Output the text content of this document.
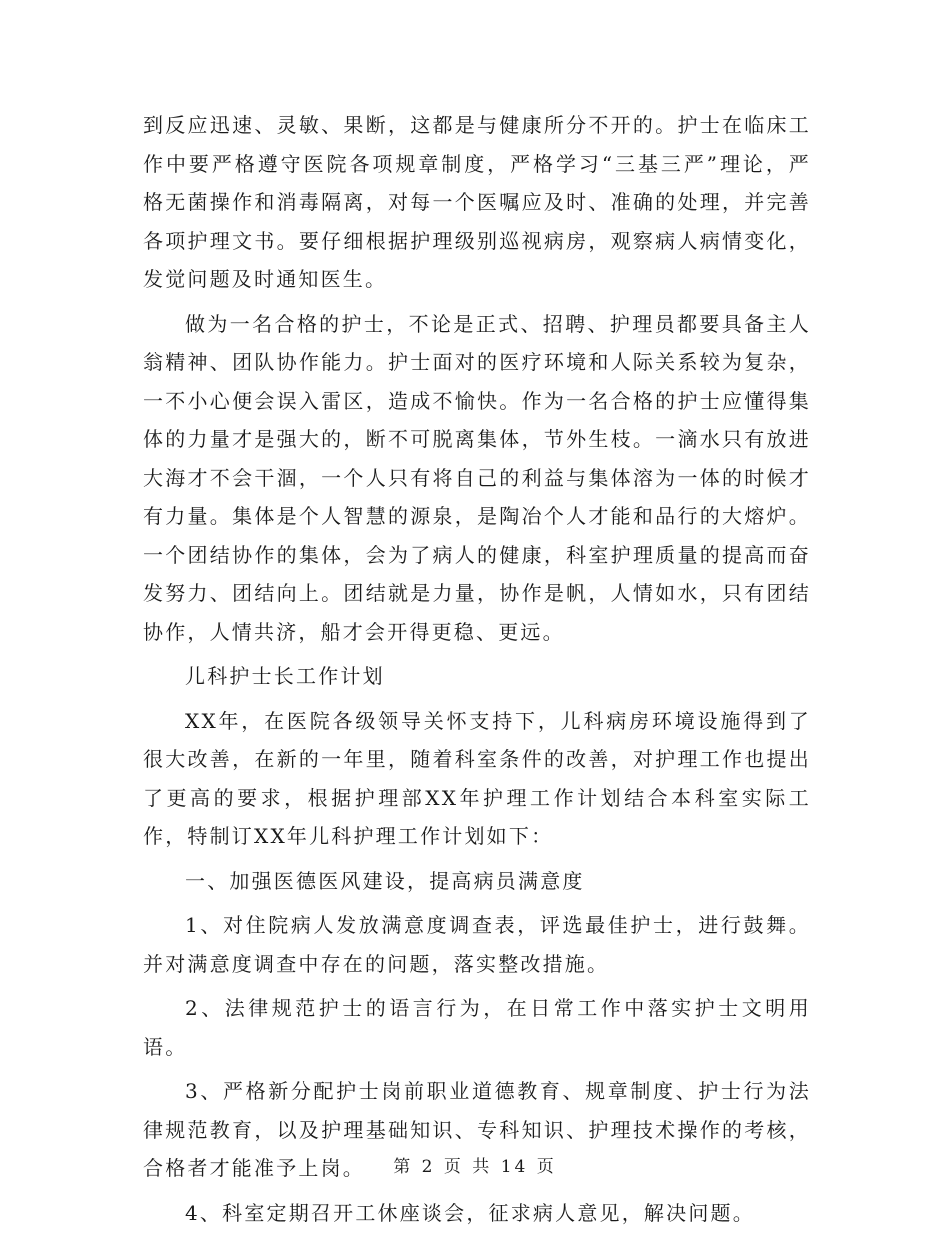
到反应迅速、灵敏、果断，这都是与健康所分不开的。护士在临床工作中要严格遵守医院各项规章制度，严格学习“三基三严”理论，严格无菌操作和消毒隔离，对每一个医嘱应及时、准确的处理，并完善各项护理文书。要仔细根据护理级别巡视病房，观察病人病情变化，发觉问题及时通知医生。

做为一名合格的护士，不论是正式、招聘、护理员都要具备主人翁精神、团队协作能力。护士面对的医疗环境和人际关系较为复杂，一不小心便会误入雷区，造成不愉快。作为一名合格的护士应懂得集体的力量才是强大的，断不可脱离集体，节外生枝。一滴水只有放进大海才不会干涸，一个人只有将自己的利益与集体溶为一体的时候才有力量。集体是个人智慧的源泉，是陶冶个人才能和品行的大熔炉。一个团结协作的集体，会为了病人的健康，科室护理质量的提高而奋发努力、团结向上。团结就是力量，协作是帆，人情如水，只有团结协作，人情共济，船才会开得更稳、更远。

儿科护士长工作计划

XX年，在医院各级领导关怀支持下，儿科病房环境设施得到了很大改善，在新的一年里，随着科室条件的改善，对护理工作也提出了更高的要求，根据护理部XX年护理工作计划结合本科室实际工作，特制订XX年儿科护理工作计划如下：

一、加强医德医风建设，提高病员满意度

1、对住院病人发放满意度调查表，评选最佳护士，进行鼓舞。并对满意度调查中存在的问题，落实整改措施。

2、法律规范护士的语言行为，在日常工作中落实护士文明用语。

3、严格新分配护士岗前职业道德教育、规章制度、护士行为法律规范教育，以及护理基础知识、专科知识、护理技术操作的考核，合格者才能准予上岗。

4、科室定期召开工休座谈会，征求病人意见，解决问题。

第 2 页 共 14 页
